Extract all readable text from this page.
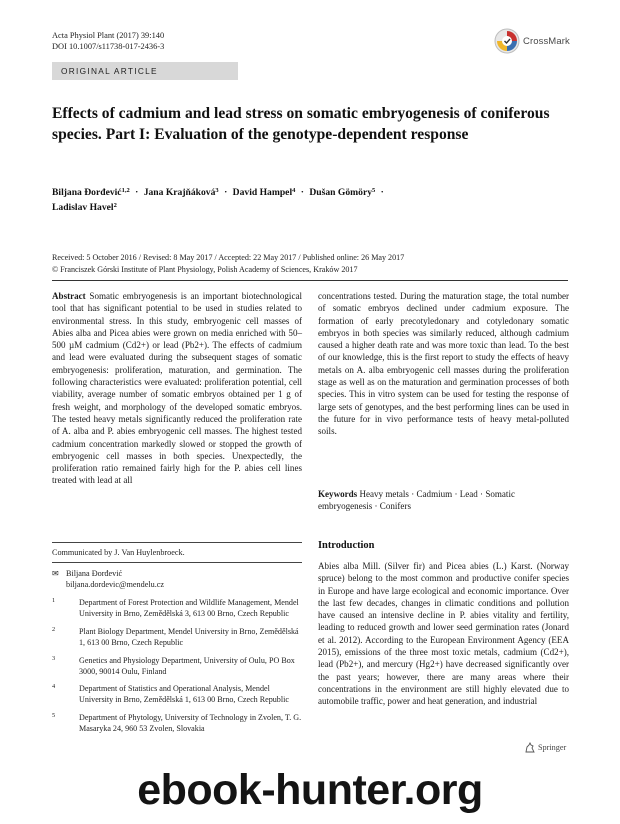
Acta Physiol Plant (2017) 39:140
DOI 10.1007/s11738-017-2436-3	CrossMark
ORIGINAL ARTICLE
Effects of cadmium and lead stress on somatic embryogenesis of coniferous species. Part I: Evaluation of the genotype-dependent response
Biljana Đorđević$^{1,2}$ · Jana Krajňáková$^3$ · David Hampel$^4$ · Dušan Gömöry$^5$ ·
Ladislav Havel$^2$
Received: 5 October 2016 / Revised: 8 May 2017 / Accepted: 22 May 2017 / Published online: 26 May 2017
© Franciszek Górski Institute of Plant Physiology, Polish Academy of Sciences, Kraków 2017
Abstract Somatic embryogenesis is an important biotechnological tool that has significant potential to be used in studies related to environmental stress. In this study, embryogenic cell masses of Abies alba and Picea abies were grown on media enriched with 50–500 µM cadmium (Cd2+) or lead (Pb2+). The effects of cadmium and lead were evaluated during the subsequent stages of somatic embryogenesis: proliferation, maturation, and germination. The following characteristics were evaluated: proliferation potential, cell viability, average number of somatic embryos obtained per 1 g of fresh weight, and morphology of the developed somatic embryos. The tested heavy metals significantly reduced the proliferation rate of A. alba and P. abies embryogenic cell masses. The highest tested cadmium concentration markedly slowed or stopped the growth of embryogenic cell masses in both species. Unexpectedly, the proliferation ratio remained fairly high for the P. abies cell lines treated with lead at all
concentrations tested. During the maturation stage, the total number of somatic embryos declined under cadmium exposure. The formation of early precotyledonary and cotyledonary somatic embryos in both species was similarly reduced, although cadmium caused a higher death rate and was more toxic than lead. To the best of our knowledge, this is the first report to study the effects of heavy metals on A. alba embryogenic cell masses during the proliferation stage as well as on the maturation and germination processes of both species. This in vitro system can be used for testing the response of large sets of genotypes, and the best performing lines can be used in the future for in vivo performance tests of heavy metal-polluted soils.
Keywords Heavy metals · Cadmium · Lead · Somatic embryogenesis · Conifers
Communicated by J. Van Huylenbroeck.
✉ Biljana Đorđević
biljana.dordevic@mendelu.cz
1	Department of Forest Protection and Wildlife Management, Mendel University in Brno, Zemědělská 3, 613 00 Brno, Czech Republic
2	Plant Biology Department, Mendel University in Brno, Zemědělská 1, 613 00 Brno, Czech Republic
3	Genetics and Physiology Department, University of Oulu, PO Box 3000, 90014 Oulu, Finland
4	Department of Statistics and Operational Analysis, Mendel University in Brno, Zemědělská 1, 613 00 Brno, Czech Republic
5	Department of Phytology, University of Technology in Zvolen, T. G. Masaryka 24, 960 53 Zvolen, Slovakia
Introduction
Abies alba Mill. (Silver fir) and Picea abies (L.) Karst. (Norway spruce) belong to the most common and productive conifer species in Europe and have large ecological and economic importance. Over the last few decades, changes in climatic conditions and pollution have caused an intensive decline in P. abies vitality and fertility, leading to reduced growth and lower seed germination rates (Jonard et al. 2012). According to the European Environment Agency (EEA 2015), emissions of the three most toxic metals, cadmium (Cd2+), lead (Pb2+), and mercury (Hg2+) have decreased significantly over the past years; however, there are many areas where their concentrations in the environment are still highly elevated due to automobile traffic, power and heat generation, and industrial
Springer
ebook-hunter.org
